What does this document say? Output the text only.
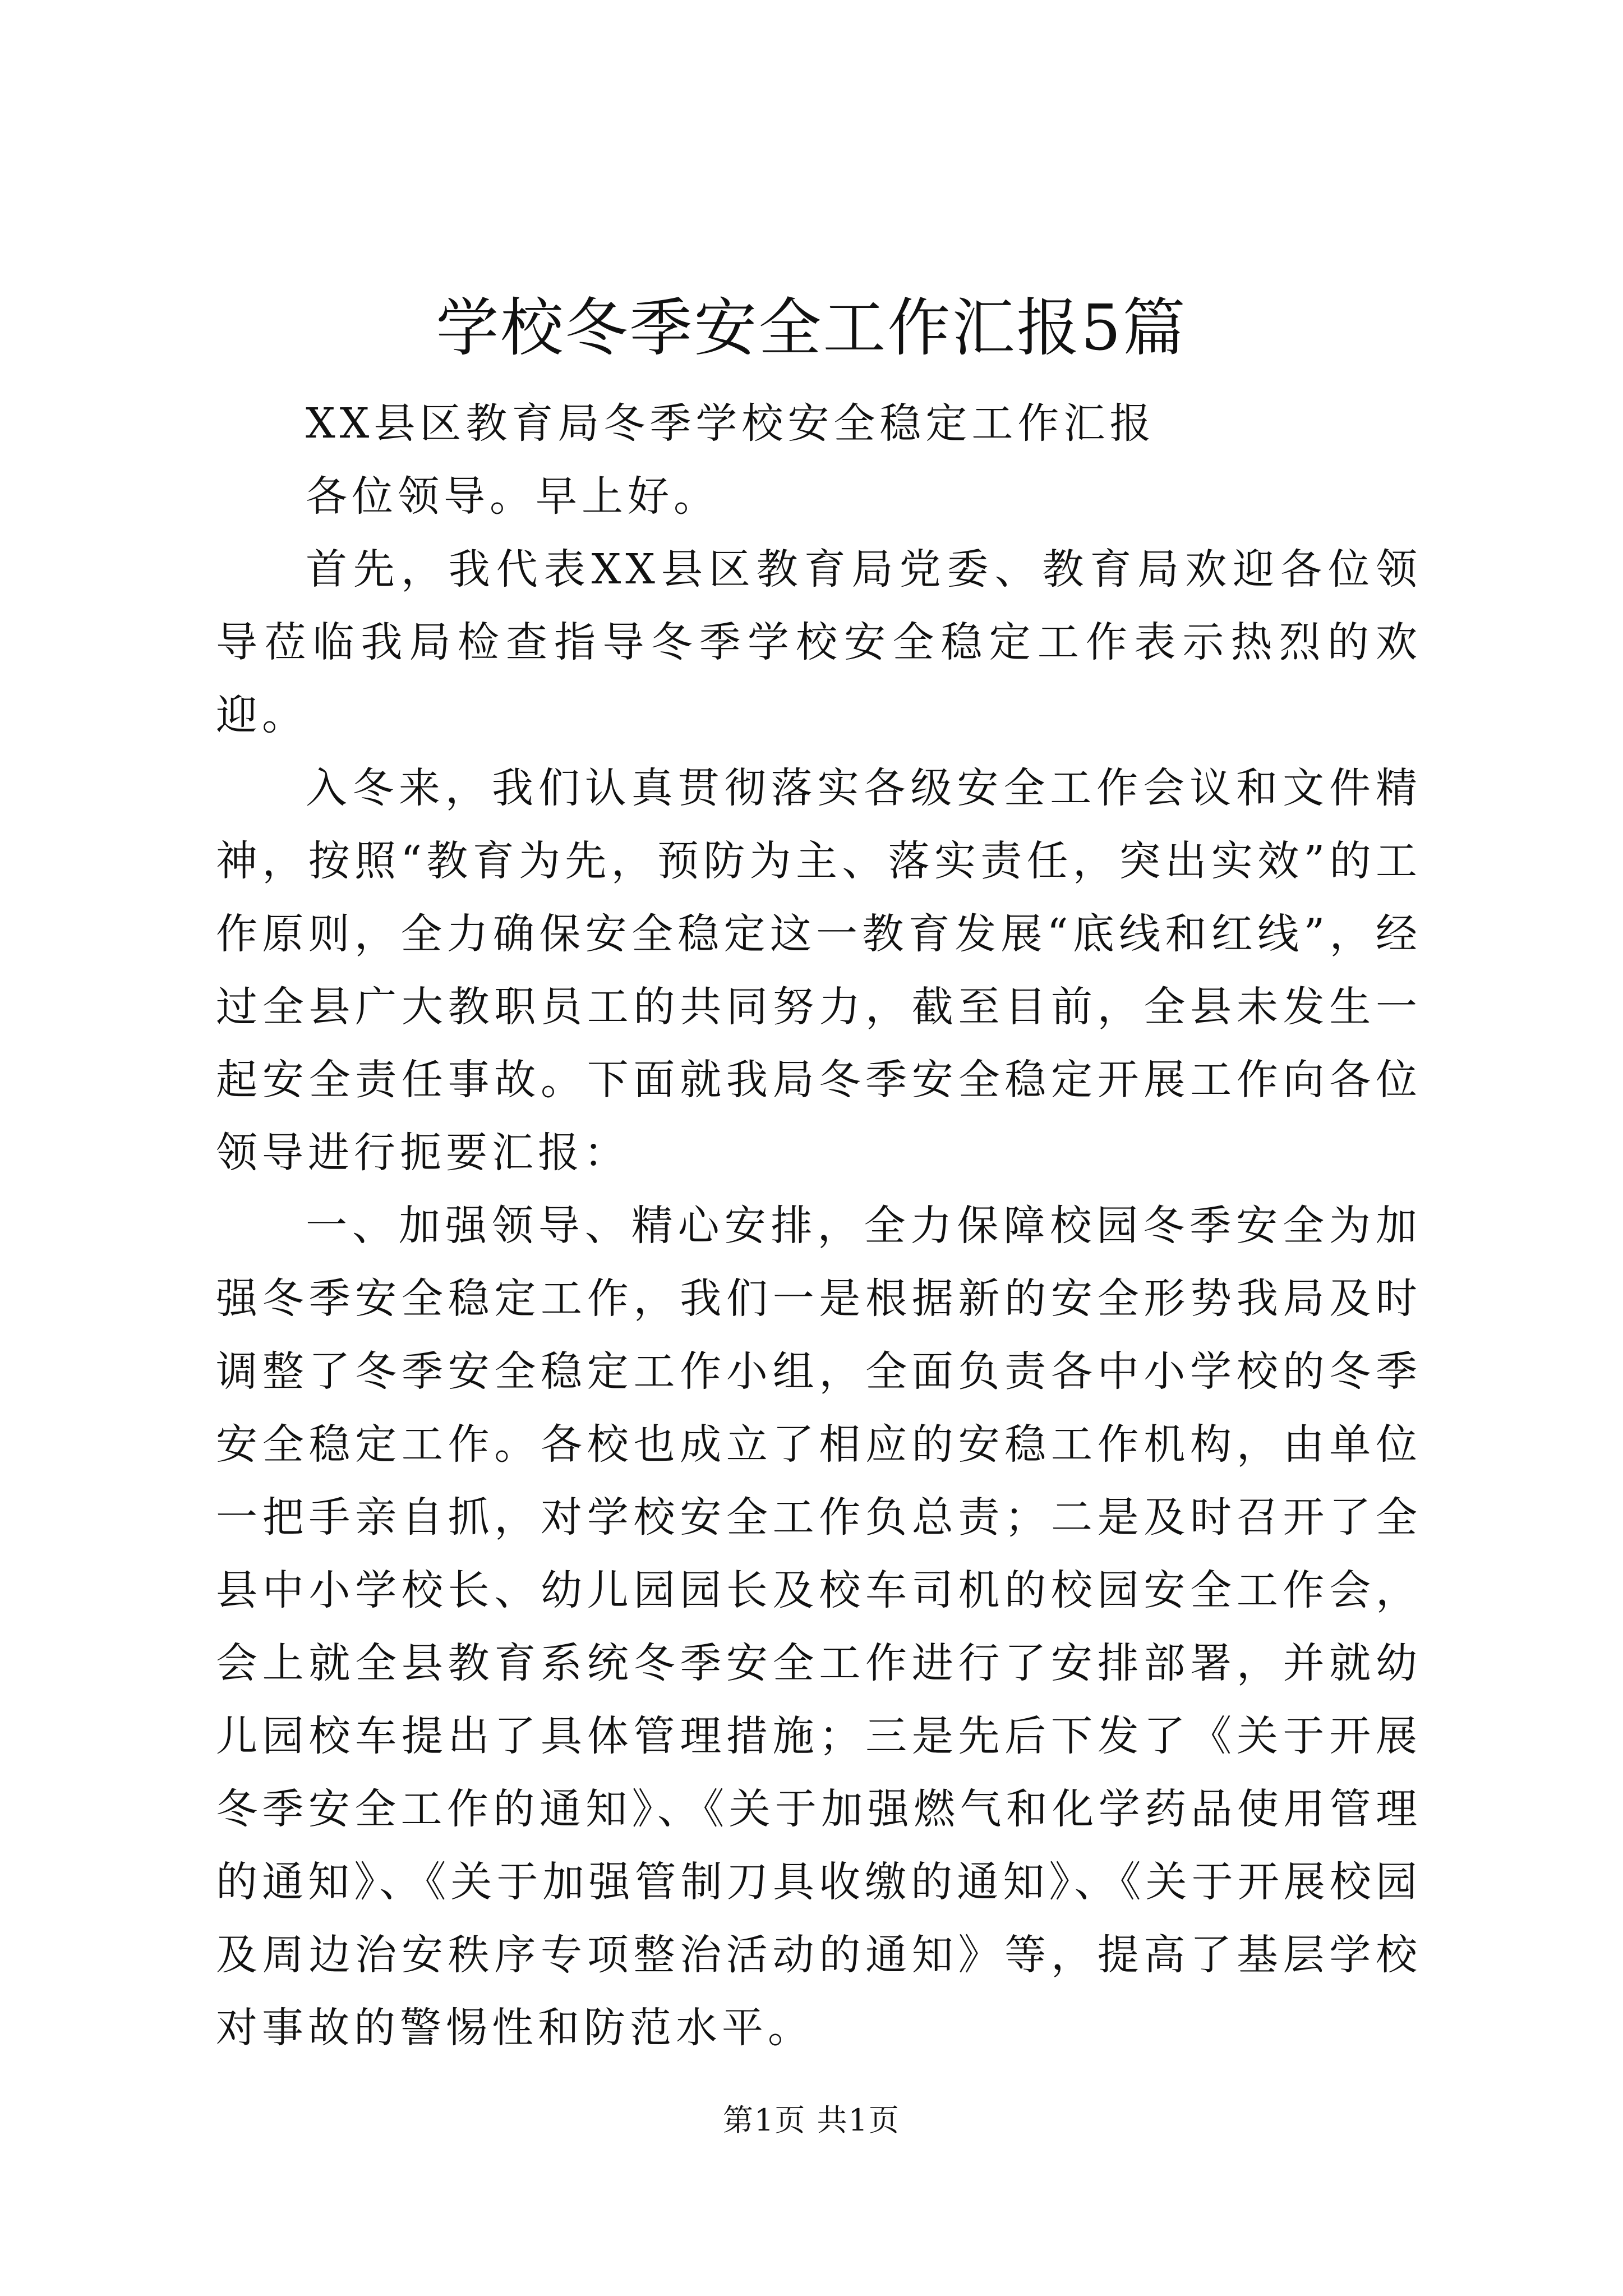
学校冬季安全工作汇报5篇

XX县区教育局冬季学校安全稳定工作汇报

各位领导。早上好。

首先，我代表XX县区教育局党委、教育局欢迎各位领导莅临我局检查指导冬季学校安全稳定工作表示热烈的欢迎。

入冬来，我们认真贯彻落实各级安全工作会议和文件精神，按照“教育为先，预防为主、落实责任，突出实效”的工作原则，全力确保安全稳定这一教育发展“底线和红线”，经过全县广大教职员工的共同努力，截至目前，全县未发生一起安全责任事故。下面就我局冬季安全稳定开展工作向各位领导进行扼要汇报：

一、加强领导、精心安排，全力保障校园冬季安全为加强冬季安全稳定工作，我们一是根据新的安全形势我局及时调整了冬季安全稳定工作小组，全面负责各中小学校的冬季安全稳定工作。各校也成立了相应的安稳工作机构，由单位一把手亲自抓，对学校安全工作负总责；二是及时召开了全县中小学校长、幼儿园园长及校车司机的校园安全工作会，会上就全县教育系统冬季安全工作进行了安排部署，并就幼儿园校车提出了具体管理措施；三是先后下发了《关于开展冬季安全工作的通知》、《关于加强燃气和化学药品使用管理的通知》、《关于加强管制刀具收缴的通知》、《关于开展校园及周边治安秩序专项整治活动的通知》等，提高了基层学校对事故的警惕性和防范水平。

第1页 共1页
